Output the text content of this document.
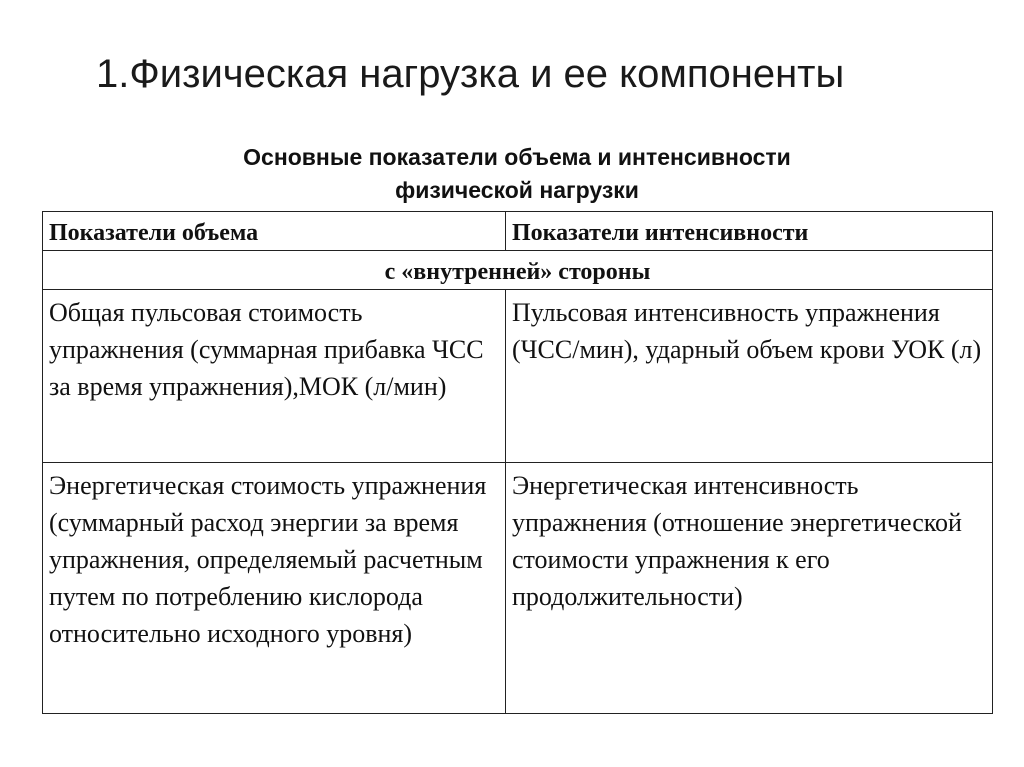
1.Физическая нагрузка и ее компоненты
Основные показатели объема и интенсивности
физической нагрузки
Показатели объема	Показатели интенсивности
с «внутренней» стороны	
Общая пульсовая стоимость упражнения (суммарная прибавка ЧСС за время упражнения),МОК (л/мин)	Пульсовая интенсивность упражнения (ЧСС/мин), ударный объем крови УОК (л)
Энергетическая стоимость упражнения (суммарный расход энергии за время упражнения, определяемый расчетным путем по потреблению кислорода относительно исходного уровня)	Энергетическая интенсивность упражнения (отношение энергетической стоимости упражнения к его продолжительности)
